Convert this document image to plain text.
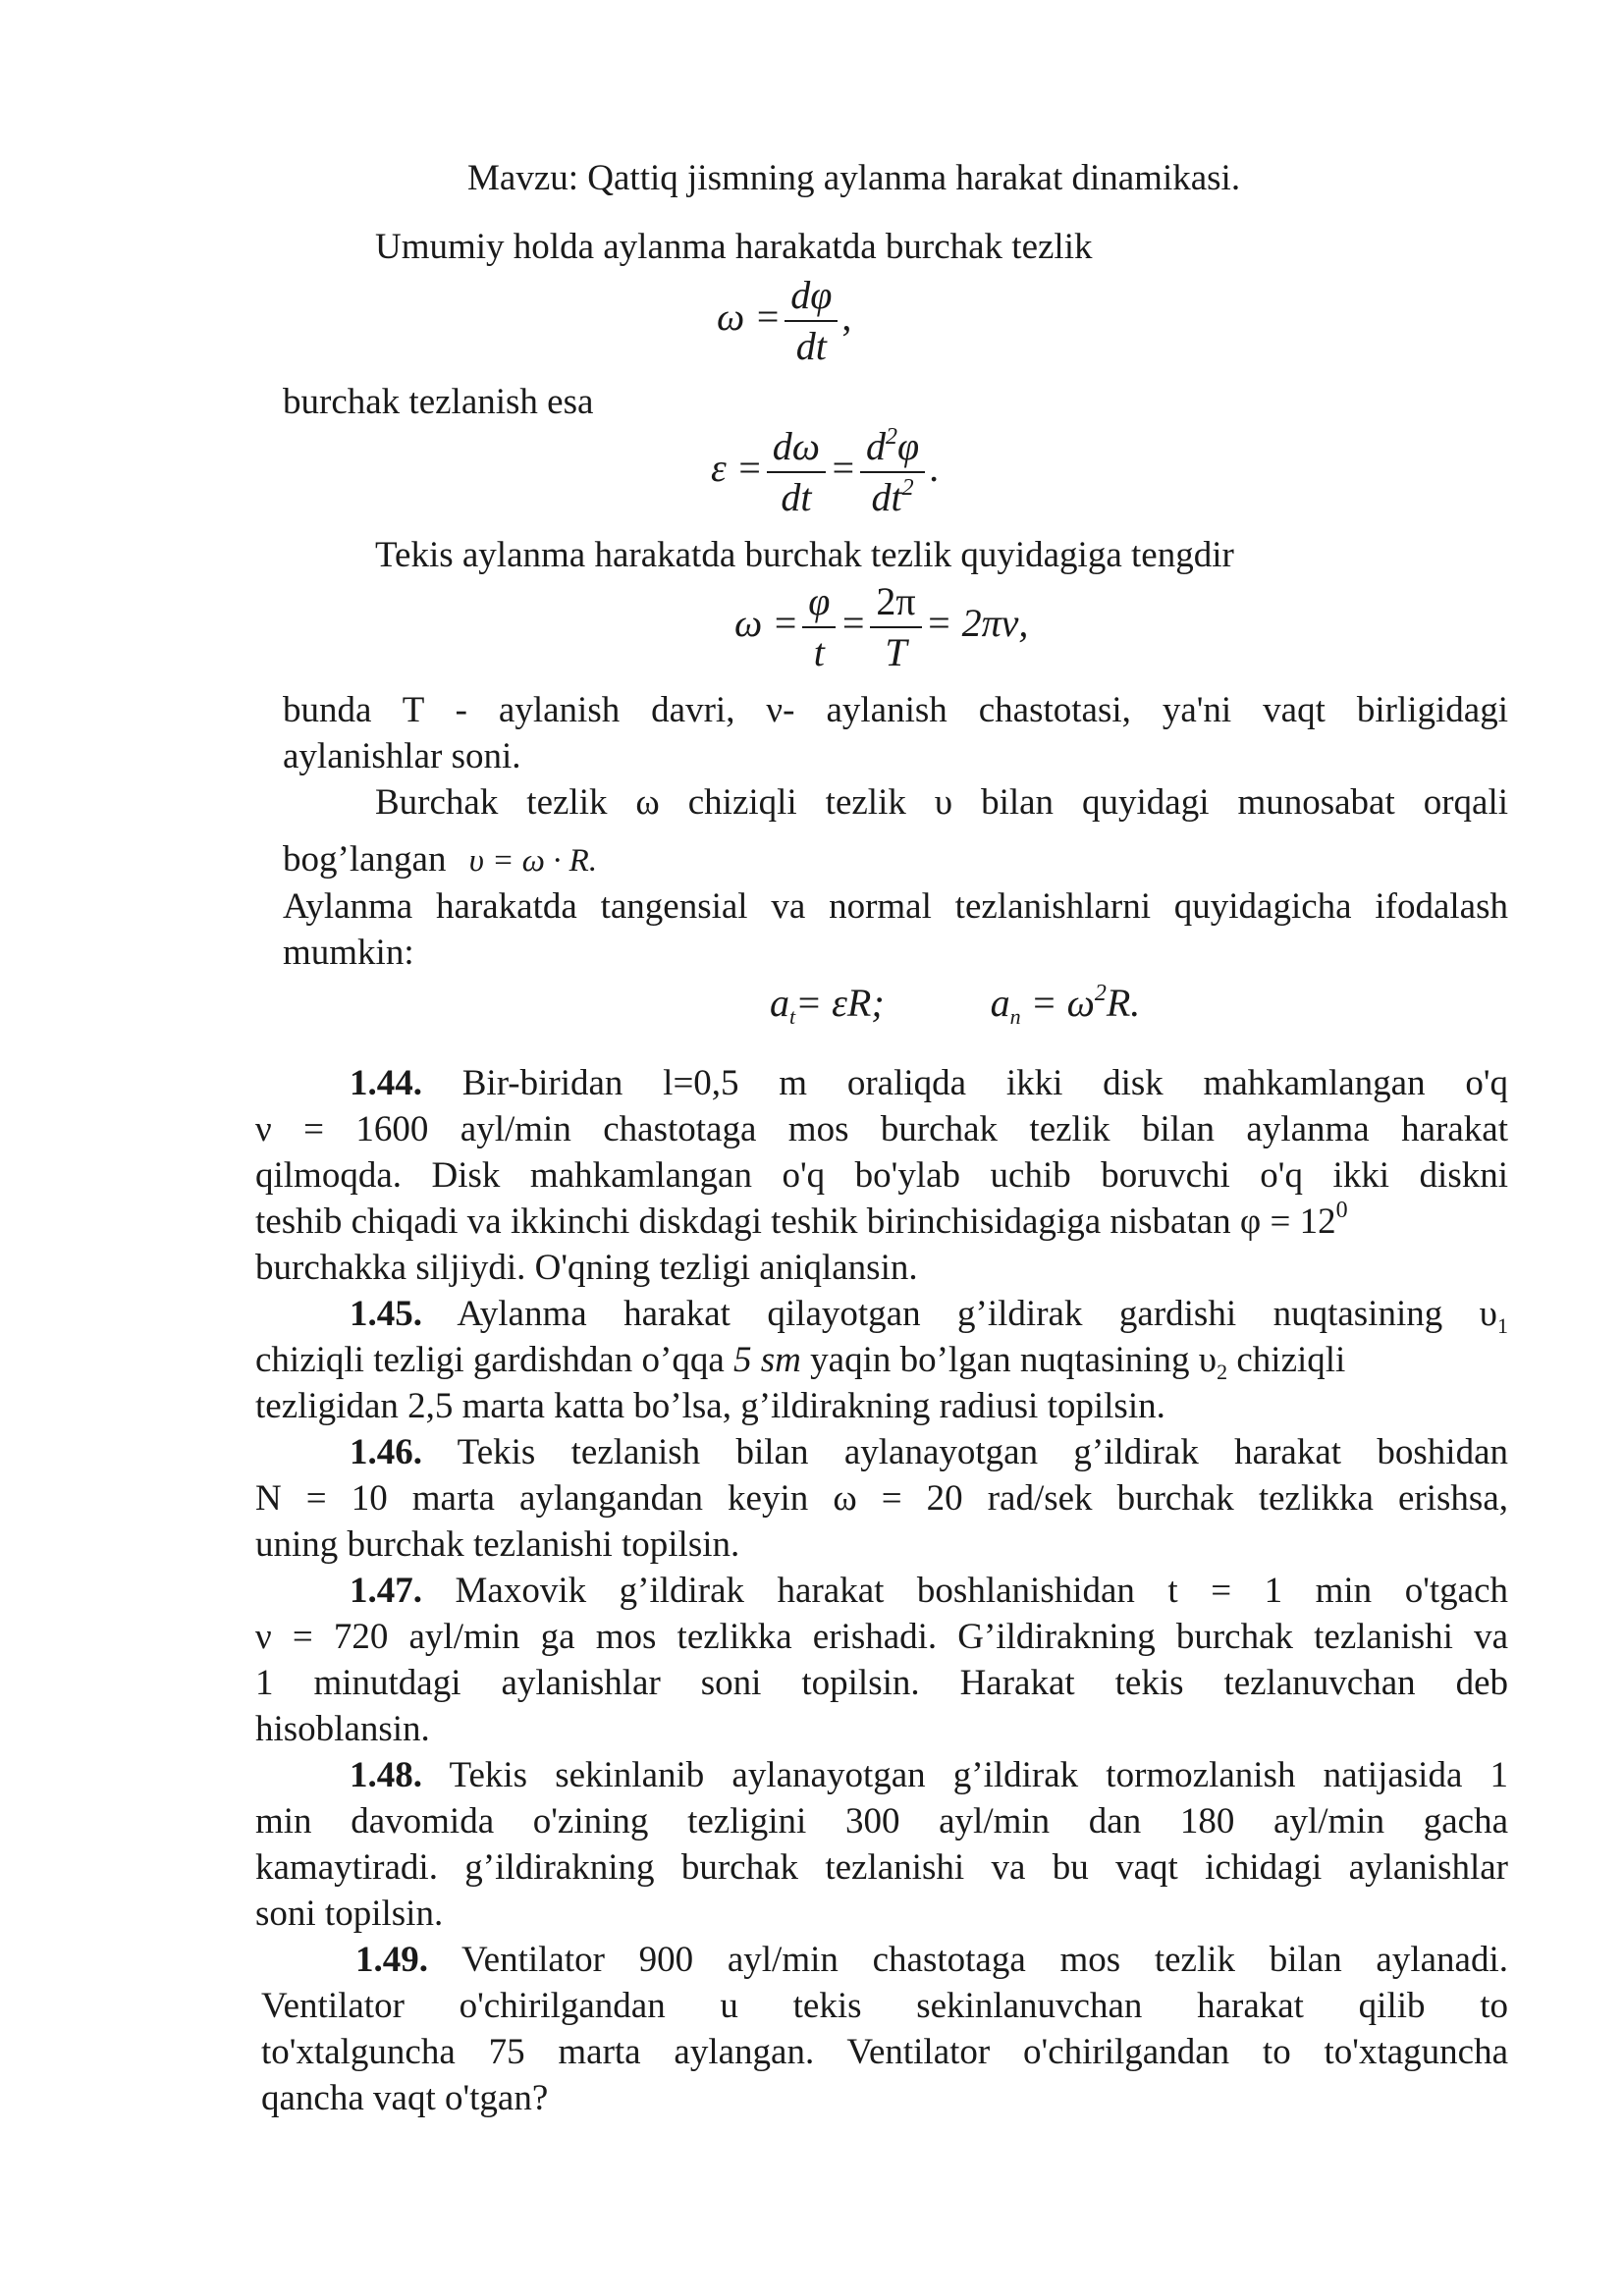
Mavzu: Qattiq jismning aylanma harakat dinamikasi.
Umumiy holda aylanma harakatda burchak tezlik
$\omega = \frac{d\varphi}{dt}$ ,
burchak tezlanish esa
$\varepsilon = \frac{d\omega}{dt} = \frac{d^2\varphi}{dt^2}$ .
Tekis aylanma harakatda burchak tezlik quyidagiga tengdir
$\omega = \frac{\varphi}{t} = \frac{2\pi}{T} = 2\pi\nu$,
bunda T - aylanish davri, ν- aylanish chastotasi, ya'ni vaqt birligidagi
aylanishlar soni.
Burchak tezlik ω chiziqli tezlik υ bilan quyidagi munosabat orqali
bog’langan υ = ω · R.
Aylanma harakatda tangensial va normal tezlanishlarni quyidagicha ifodalash
mumkin:
$a_t= \varepsilon R$;	$a_n = \omega^2R$.
1.44. Bir-biridan l=0,5 m oraliqda ikki disk mahkamlangan o'q
ν = 1600 ayl/min chastotaga mos burchak tezlik bilan aylanma harakat
qilmoqda. Disk mahkamlangan o'q bo'ylab uchib boruvchi o'q ikki diskni
teshib chiqadi va ikkinchi diskdagi teshik birinchisidagiga nisbatan $\varphi = 12^0$
burchakka siljiydi. O'qning tezligi aniqlansin.
1.45. Aylanma harakat qilayotgan g’ildirak gardishi nuqtasining $\upsilon_1$
chiziqli tezligi gardishdan o’qqa 5 sm yaqin bo’lgan nuqtasining $\upsilon_2$ chiziqli
tezligidan 2,5 marta katta bo’lsa, g’ildirakning radiusi topilsin.
1.46. Tekis tezlanish bilan aylanayotgan g’ildirak harakat boshidan
N = 10 marta aylangandan keyin ω = 20 rad/sek burchak tezlikka erishsa,
uning burchak tezlanishi topilsin.
1.47. Maxovik g’ildirak harakat boshlanishidan t = 1 min o'tgach
ν = 720 ayl/min ga mos tezlikka erishadi. G’ildirakning burchak tezlanishi va
1 minutdagi aylanishlar soni topilsin. Harakat tekis tezlanuvchan deb
hisoblansin.
1.48. Tekis sekinlanib aylanayotgan g’ildirak tormozlanish natijasida 1
min davomida o'zining tezligini 300 ayl/min dan 180 ayl/min gacha
kamaytiradi. g’ildirakning burchak tezlanishi va bu vaqt ichidagi aylanishlar
soni topilsin.
1.49. Ventilator 900 ayl/min chastotaga mos tezlik bilan aylanadi.
Ventilator o'chirilgandan u tekis sekinlanuvchan harakat qilib to
to'xtalguncha 75 marta aylangan. Ventilator o'chirilgandan to to'xtaguncha
qancha vaqt o'tgan?
